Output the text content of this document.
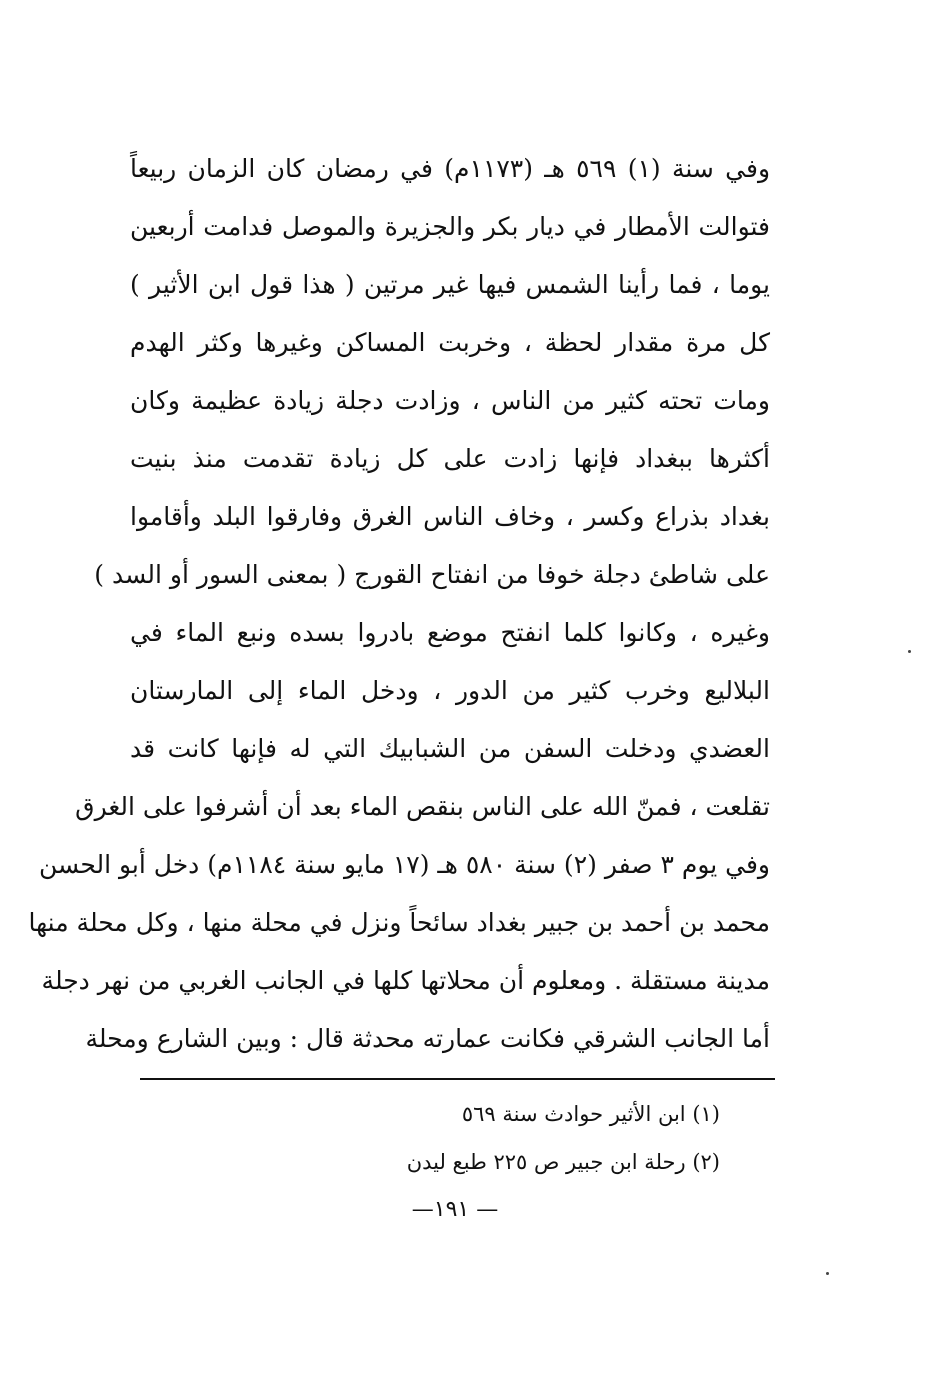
وفي سنة (١) ٥٦٩ هـ (١١٧٣م) في رمضان كان الزمان ربيعاً
فتوالت الأمطار في ديار بكر والجزيرة والموصل فدامت أربعين
يوما ، فما رأينا الشمس فيها غير مرتين ( هذا قول ابن الأثير )
كل مرة مقدار لحظة ، وخربت المساكن وغيرها وكثر الهدم
ومات تحته كثير من الناس ، وزادت دجلة زيادة عظيمة وكان
أكثرها ببغداد فإنها زادت على كل زيادة تقدمت منذ بنيت
بغداد بذراع وكسر ، وخاف الناس الغرق وفارقوا البلد وأقاموا
على شاطئ دجلة خوفا من انفتاح القورج ( بمعنى السور أو السد )
وغيره ، وكانوا كلما انفتح موضع بادروا بسده ونبع الماء في
البلاليع وخرب كثير من الدور ، ودخل الماء إلى المارستان
العضدي ودخلت السفن من الشبابيك التي له فإنها كانت قد
تقلعت ، فمنّ الله على الناس بنقص الماء بعد أن أشرفوا على الغرق
وفي يوم ٣ صفر (٢) سنة ٥٨٠ هـ (١٧ مايو سنة ١١٨٤م) دخل أبو الحسن
محمد بن أحمد بن جبير بغداد سائحاً ونزل في محلة منها ، وكل محلة منها
مدينة مستقلة . ومعلوم أن محلاتها كلها في الجانب الغربي من نهر دجلة
أما الجانب الشرقي فكانت عمارته محدثة قال : وبين الشارع ومحلة
(١) ابن الأثير حوادث سنة ٥٦٩
(٢) رحلة ابن جبير ص ٢٢٥ طبع ليدن
—١٩١ —
